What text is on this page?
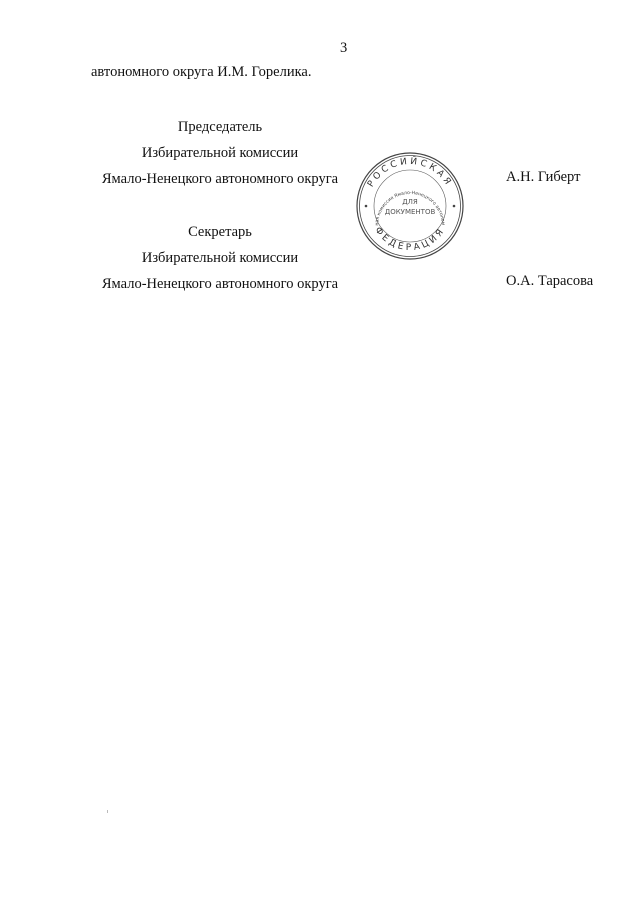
3
автономного округа И.М. Горелика.
Председатель
Избирательной комиссии
Ямало-Ненецкого автономного округа	А.Н. Гиберт
Секретарь
Избирательной комиссии
Ямало-Ненецкого автономного округа	О.А. Тарасова
РОССИЙСКАЯ
ФЕДЕРАЦИЯ
ная комиссия Ямало-Ненецкого автоном
ДЛЯ
ДОКУМЕНТОВ
